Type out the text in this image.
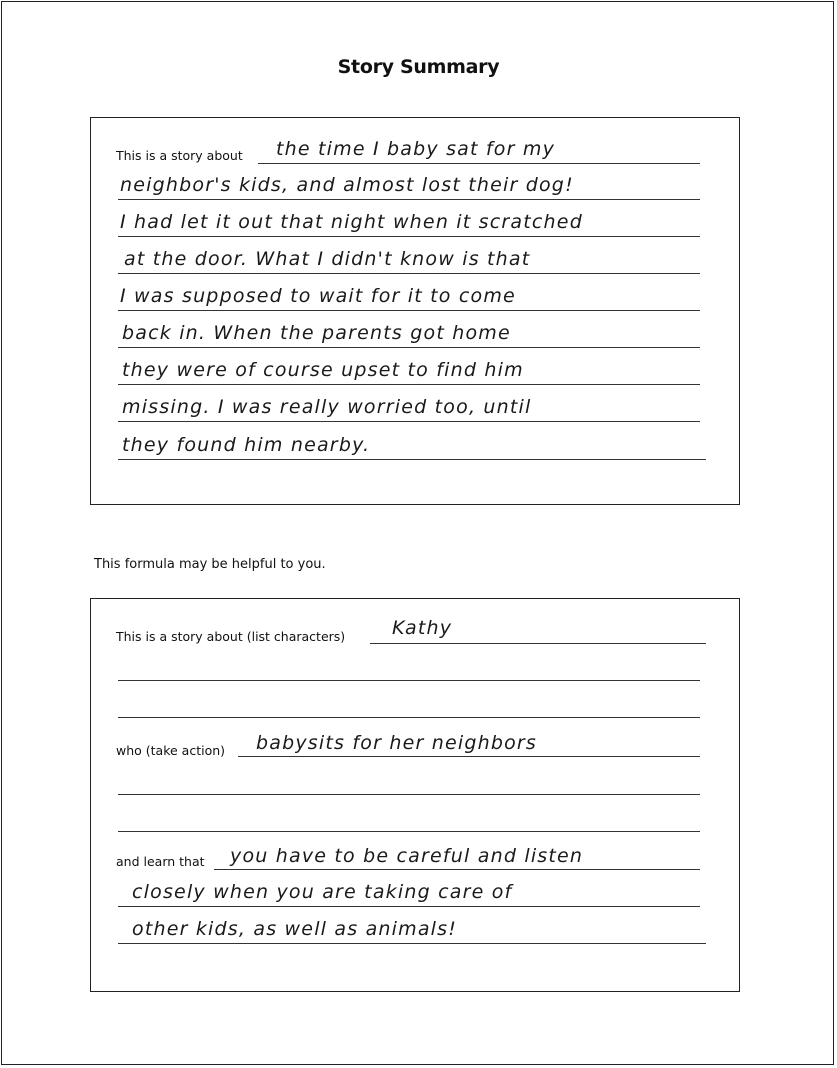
Story Summary
This is a story about the time I baby sat for my
neighbor's kids, and almost lost their dog!
I had let it out that night when it scratched
at the door. What I didn't know is that
I was supposed to wait for it to come
back in. When the parents got home
they were of course upset to find him
missing. I was really worried too, until
they found him nearby.
This formula may be helpful to you.
This is a story about (list characters) Kathy
who (take action) babysits for her neighbors
and learn that you have to be careful and listen
closely when you are taking care of
other kids, as well as animals!
